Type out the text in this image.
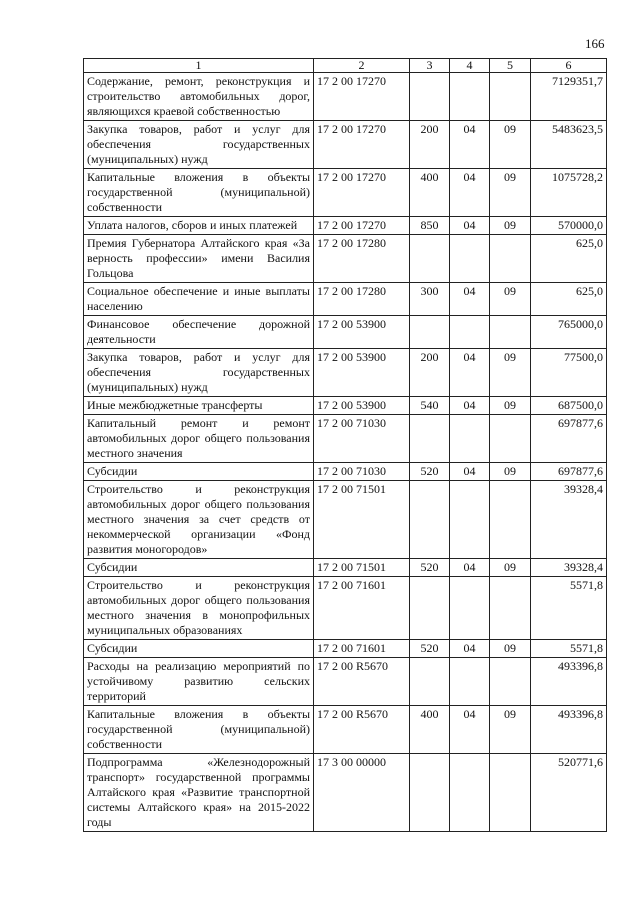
166
1	2	3	4	5	6
Содержание, ремонт, реконструкция и строительство автомобильных дорог, являющихся краевой собственностью	17 2 00 17270				7129351,7
Закупка товаров, работ и услуг для обеспечения государственных (муниципальных) нужд	17 2 00 17270	200	04	09	5483623,5
Капитальные вложения в объекты государственной (муниципальной) собственности	17 2 00 17270	400	04	09	1075728,2
Уплата налогов, сборов и иных платежей	17 2 00 17270	850	04	09	570000,0
Премия Губернатора Алтайского края «За верность профессии» имени Василия Гольцова	17 2 00 17280				625,0
Социальное обеспечение и иные выплаты населению	17 2 00 17280	300	04	09	625,0
Финансовое обеспечение дорожной деятельности	17 2 00 53900				765000,0
Закупка товаров, работ и услуг для обеспечения государственных (муниципальных) нужд	17 2 00 53900	200	04	09	77500,0
Иные межбюджетные трансферты	17 2 00 53900	540	04	09	687500,0
Капитальный ремонт и ремонт автомобильных дорог общего пользования местного значения	17 2 00 71030				697877,6
Субсидии	17 2 00 71030	520	04	09	697877,6
Строительство и реконструкция автомобильных дорог общего пользования местного значения за счет средств от некоммерческой организации «Фонд развития моногородов»	17 2 00 71501				39328,4
Субсидии	17 2 00 71501	520	04	09	39328,4
Строительство и реконструкция автомобильных дорог общего пользования местного значения в монопрофильных муниципальных образованиях	17 2 00 71601				5571,8
Субсидии	17 2 00 71601	520	04	09	5571,8
Расходы на реализацию мероприятий по устойчивому развитию сельских территорий	17 2 00 R5670				493396,8
Капитальные вложения в объекты государственной (муниципальной) собственности	17 2 00 R5670	400	04	09	493396,8
Подпрограмма «Железнодорожный транспорт» государственной программы Алтайского края «Развитие транспортной системы Алтайского края» на 2015-2022 годы	17 3 00 00000				520771,6
